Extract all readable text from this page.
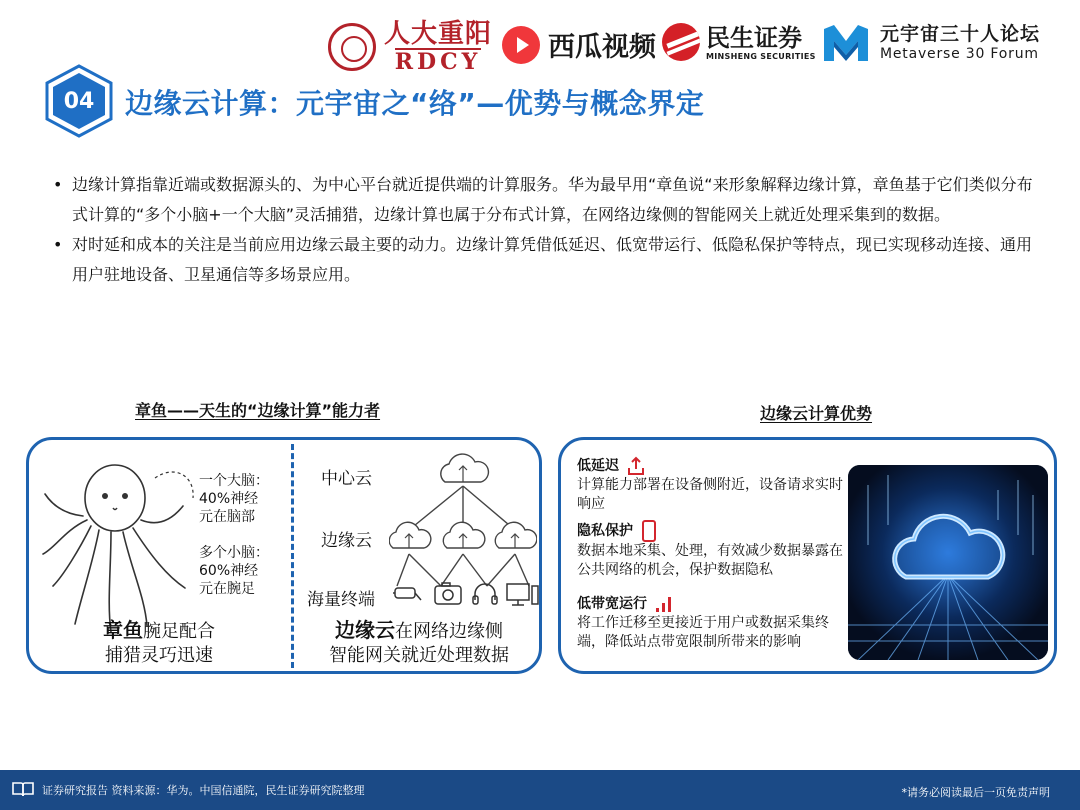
人大重阳
RDCY 西瓜视频 民生证券
MINSHENG SECURITIES
元宇宙三十人论坛
Metaverse 30 Forum
04	边缘云计算：元宇宙之“络”—优势与概念界定
• 边缘计算指靠近端或数据源头的、为中心平台就近提供端的计算服务。华为最早用“章鱼说“来形象解释边缘计算，章鱼基于它们类似分布式计算的“多个小脑+一个大脑”灵活捕猎，边缘计算也属于分布式计算，在网络边缘侧的智能网关上就近处理采集到的数据。
• 对时延和成本的关注是当前应用边缘云最主要的动力。边缘计算凭借低延迟、低宽带运行、低隐私保护等特点，现已实现移动连接、通用用户驻地设备、卫星通信等多场景应用。
章鱼——天生的“边缘计算”能力者	边缘云计算优势
一个大脑：
40%神经
元在脑部
多个小脑：
60%神经
元在腕足
章鱼腕足配合
捕猎灵巧迅速
中心云
边缘云
海量终端
边缘云在网络边缘侧
智能网关就近处理数据
低延迟
计算能力部署在设备侧附近，设备请求实时响应
隐私保护
数据本地采集、处理，有效减少数据暴露在公共网络的机会，保护数据隐私
低带宽运行
将工作迁移至更接近于用户或数据采集终端，降低站点带宽限制所带来的影响
证券研究报告 资料来源：华为。中国信通院，民生证券研究院整理	*请务必阅读最后一页免责声明
